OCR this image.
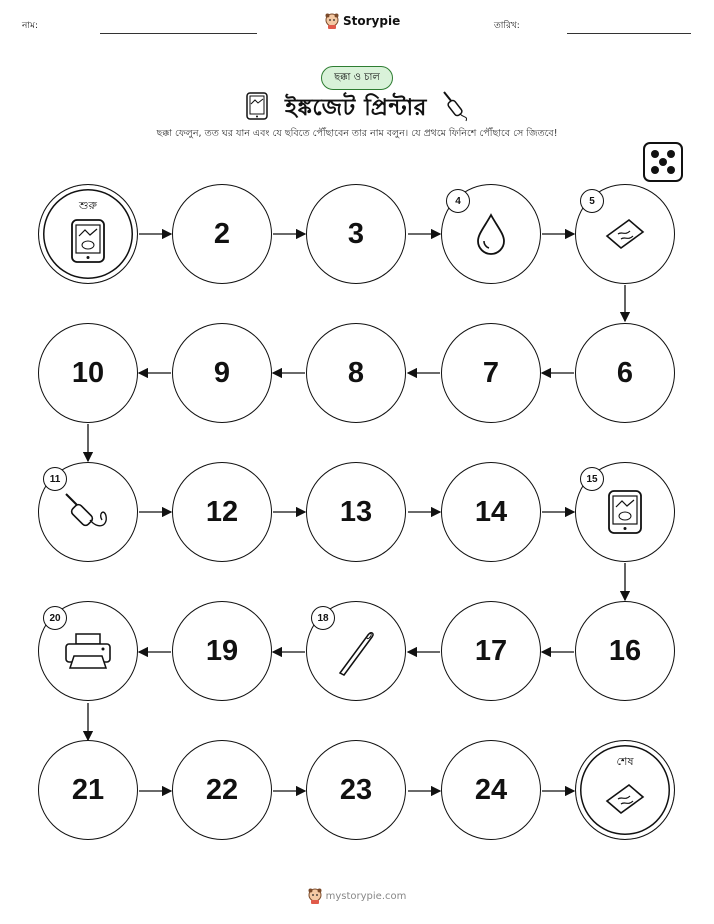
নাম:	Storypie	তারিখ:
ছক্কা ও চাল
ইঙ্কজেট প্রিন্টার
ছক্কা ফেলুন, তত ঘর যান এবং যে ছবিতে পৌঁছাবেন তার নাম বলুন। যে প্রথমে ফিনিশে পৌঁছাবে সে জিতবে!
শুরু
2	3
4	5
10	9	8	7	6
11
12	13	14
15
20
19
18
17	16
21	22	23	24
শেষ
mystorypie.com
